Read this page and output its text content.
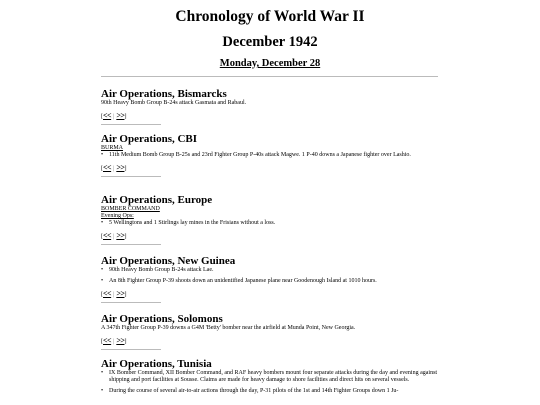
Chronology of World War II
December 1942
Monday, December 28
Air Operations, Bismarcks

90th Heavy Bomb Group B-24s attack Gasmata and Rabaul.

[<< | >>]
Air Operations, CBI

BURMA

• 11th Medium Bomb Group B-25s and 23rd Fighter Group P-40s attack Magwe. 1 P-40 downs a Japanese fighter over Lashio.

[<< | >>]
Air Operations, Europe

BOMBER COMMAND

Evening Ops:

• 5 Wellingtons and 1 Stirlings lay mines in the Frisians without a loss.

[<< | >>]
Air Operations, New Guinea

• 90th Heavy Bomb Group B-24s attack Lae.

• An 8th Fighter Group P-39 shoots down an unidentified Japanese plane near Goodenough Island at 1010 hours.

[<< | >>]
Air Operations, Solomons

A 347th Fighter Group P-39 downs a G4M 'Betty' bomber near the airfield at Munda Point, New Georgia.

[<< | >>]
Air Operations, Tunisia

• IX Bomber Command, XII Bomber Command, and RAF heavy bombers mount four separate attacks during the day and evening against shipping and port facilities at Sousse. Claims are made for heavy damage to shore facilities and direct hits on several vessels.

• During the course of several air-to-air actions through the day, P-31 pilots of the 1st and 14th Fighter Groups down 1 Ju-
